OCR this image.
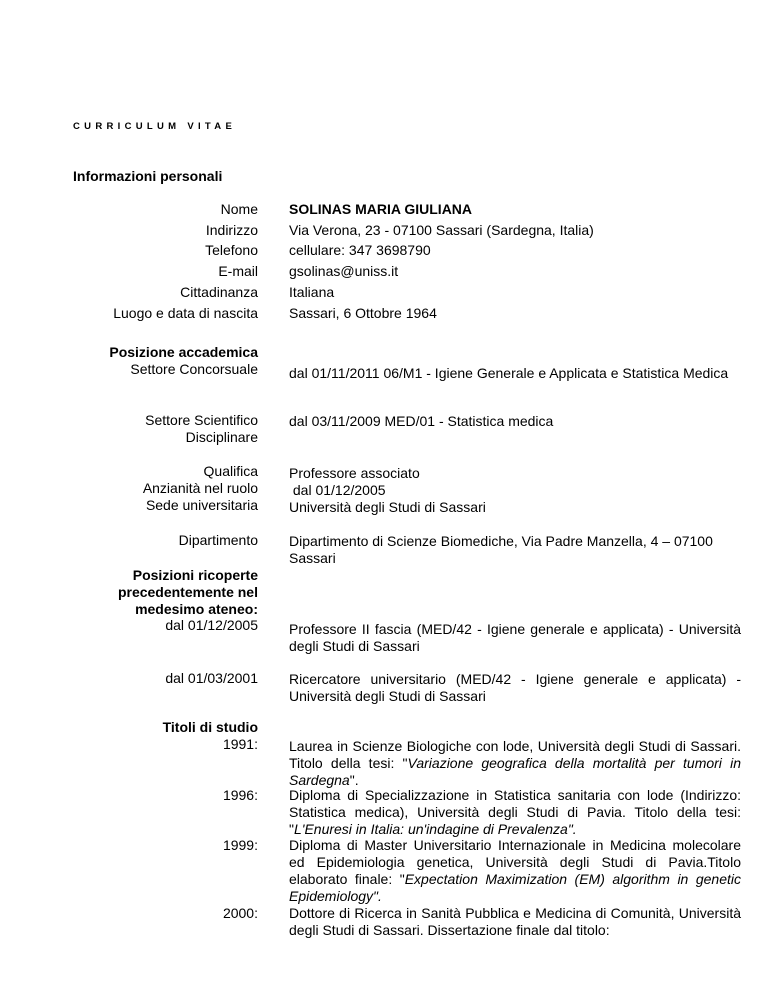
CURRICULUM VITAE
Informazioni personali
Nome SOLINAS MARIA GIULIANA
Indirizzo Via Verona, 23 - 07100 Sassari (Sardegna, Italia)
Telefono cellulare: 347 3698790
E-mail gsolinas@uniss.it
Cittadinanza Italiana
Luogo e data di nascita Sassari, 6 Ottobre 1964
Posizione accademica
Settore Concorsuale dal 01/11/2011 06/M1 - Igiene Generale e Applicata e Statistica Medica
Settore Scientifico
Disciplinare
dal 03/11/2009 MED/01 - Statistica medica
Qualifica
Anzianità nel ruolo
Sede universitaria
Professore associato
dal 01/12/2005
Università degli Studi di Sassari
Dipartimento Dipartimento di Scienze Biomediche, Via Padre Manzella, 4 – 07100 Sassari
Posizioni ricoperte
precedentemente nel
medesimo ateneo:
dal 01/12/2005 Professore II fascia (MED/42 - Igiene generale e applicata) - Università degli Studi di Sassari
dal 01/03/2001 Ricercatore universitario (MED/42 - Igiene generale e applicata) - Università degli Studi di Sassari
Titoli di studio
1991: Laurea in Scienze Biologiche con lode, Università degli Studi di Sassari. Titolo della tesi: "Variazione geografica della mortalità per tumori in Sardegna".
1996: Diploma di Specializzazione in Statistica sanitaria con lode (Indirizzo: Statistica medica), Università degli Studi di Pavia. Titolo della tesi: "L'Enuresi in Italia: un'indagine di Prevalenza".
1999: Diploma di Master Universitario Internazionale in Medicina molecolare ed Epidemiologia genetica, Università degli Studi di Pavia.Titolo elaborato finale: "Expectation Maximization (EM) algorithm in genetic Epidemiology".
2000: Dottore di Ricerca in Sanità Pubblica e Medicina di Comunità, Università degli Studi di Sassari. Dissertazione finale dal titolo:
